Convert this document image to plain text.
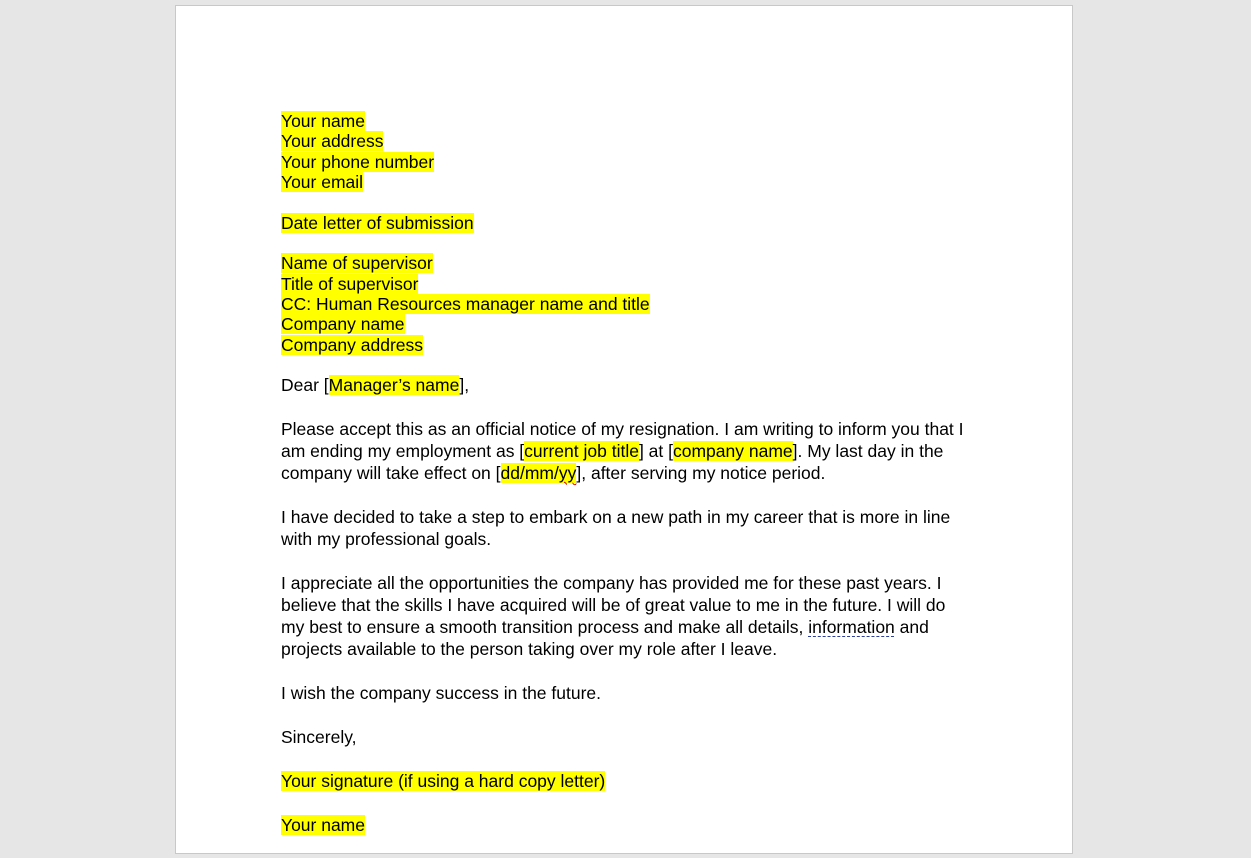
Your name
Your address
Your phone number
Your email
Date letter of submission
Name of supervisor
Title of supervisor
CC: Human Resources manager name and title
Company name
Company address
Dear [Manager’s name],
Please accept this as an official notice of my resignation. I am writing to inform you that I am ending my employment as [current job title] at [company name]. My last day in the company will take effect on [dd/mm/yy], after serving my notice period.
I have decided to take a step to embark on a new path in my career that is more in line with my professional goals.
I appreciate all the opportunities the company has provided me for these past years. I believe that the skills I have acquired will be of great value to me in the future. I will do my best to ensure a smooth transition process and make all details, information and projects available to the person taking over my role after I leave.
I wish the company success in the future.
Sincerely,
Your signature (if using a hard copy letter)
Your name
